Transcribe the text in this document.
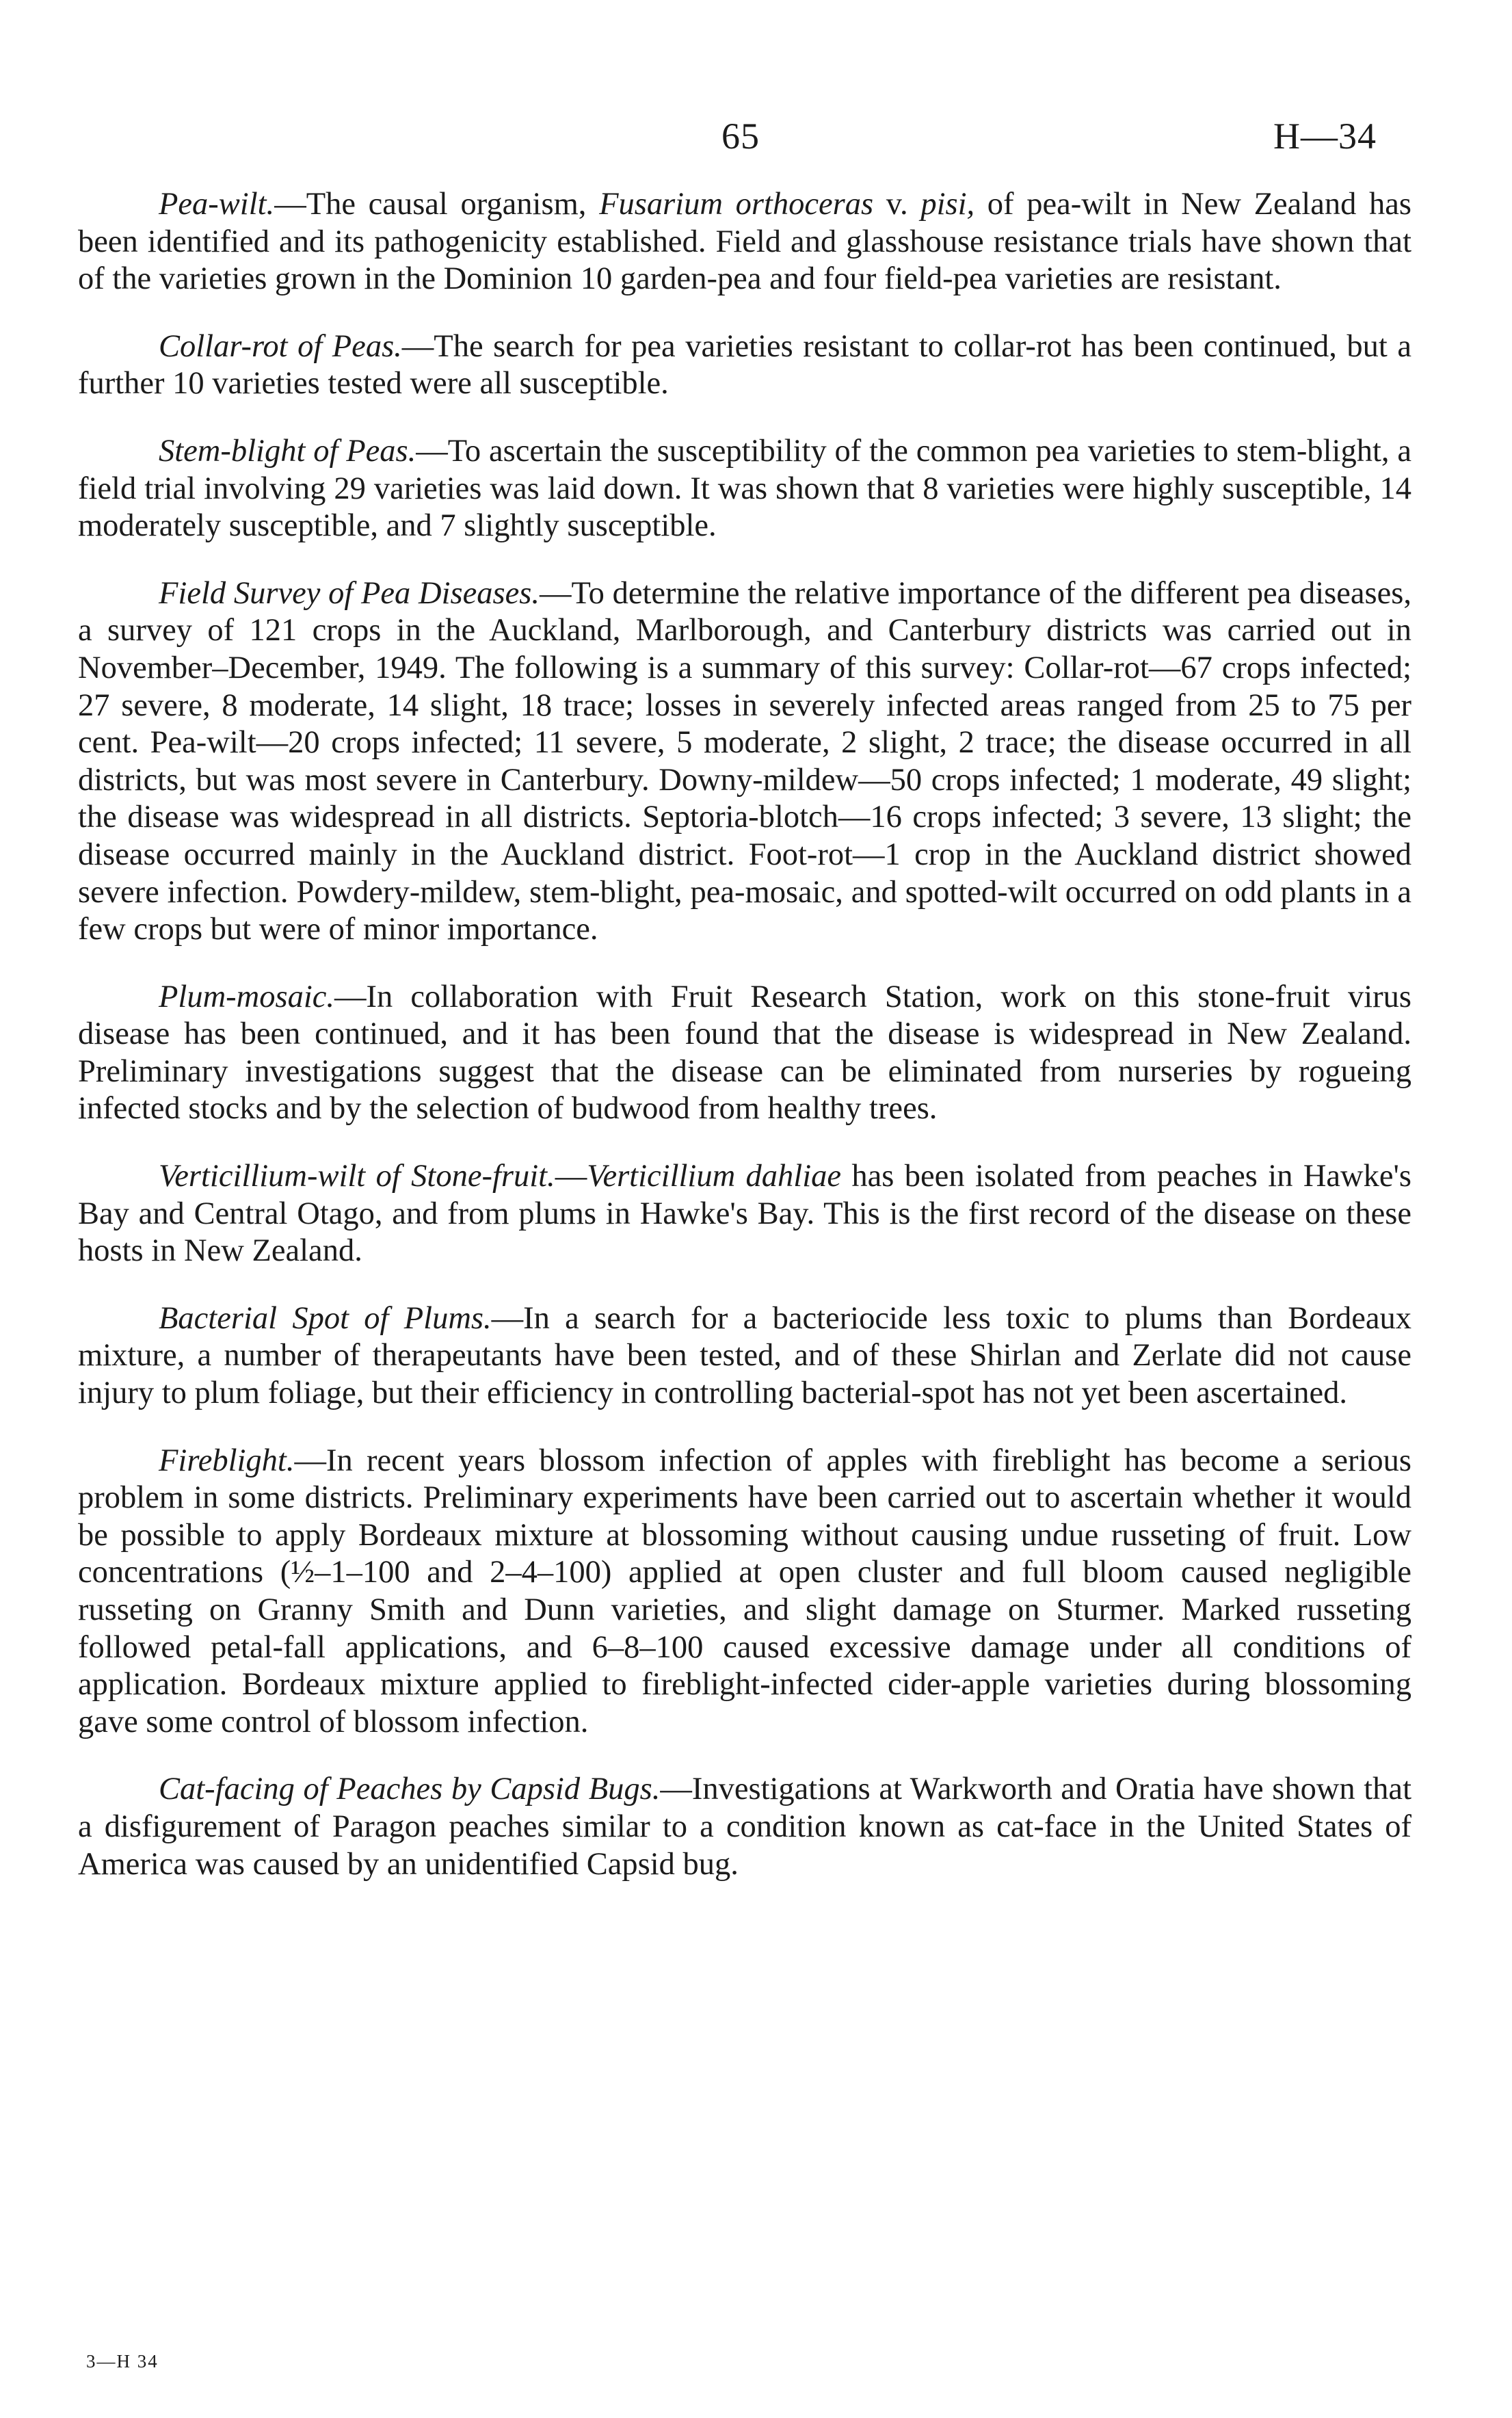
65	H—34

Pea-wilt.—The causal organism, Fusarium orthoceras v. pisi, of pea-wilt in New Zealand has been identified and its pathogenicity established. Field and glasshouse resistance trials have shown that of the varieties grown in the Dominion 10 garden-pea and four field-pea varieties are resistant.

Collar-rot of Peas.—The search for pea varieties resistant to collar-rot has been continued, but a further 10 varieties tested were all susceptible.

Stem-blight of Peas.—To ascertain the susceptibility of the common pea varieties to stem-blight, a field trial involving 29 varieties was laid down. It was shown that 8 varieties were highly susceptible, 14 moderately susceptible, and 7 slightly susceptible.

Field Survey of Pea Diseases.—To determine the relative importance of the different pea diseases, a survey of 121 crops in the Auckland, Marlborough, and Canterbury districts was carried out in November–December, 1949. The following is a summary of this survey: Collar-rot—67 crops infected; 27 severe, 8 moderate, 14 slight, 18 trace; losses in severely infected areas ranged from 25 to 75 per cent. Pea-wilt—20 crops infected; 11 severe, 5 moderate, 2 slight, 2 trace; the disease occurred in all districts, but was most severe in Canterbury. Downy-mildew—50 crops infected; 1 moderate, 49 slight; the disease was widespread in all districts. Septoria-blotch—16 crops infected; 3 severe, 13 slight; the disease occurred mainly in the Auckland district. Foot-rot—1 crop in the Auckland district showed severe infection. Powdery-mildew, stem-blight, pea-mosaic, and spotted-wilt occurred on odd plants in a few crops but were of minor importance.

Plum-mosaic.—In collaboration with Fruit Research Station, work on this stone-fruit virus disease has been continued, and it has been found that the disease is widespread in New Zealand. Preliminary investigations suggest that the disease can be eliminated from nurseries by rogueing infected stocks and by the selection of budwood from healthy trees.

Verticillium-wilt of Stone-fruit.—Verticillium dahliae has been isolated from peaches in Hawke's Bay and Central Otago, and from plums in Hawke's Bay. This is the first record of the disease on these hosts in New Zealand.

Bacterial Spot of Plums.—In a search for a bacteriocide less toxic to plums than Bordeaux mixture, a number of therapeutants have been tested, and of these Shirlan and Zerlate did not cause injury to plum foliage, but their efficiency in controlling bacterial-spot has not yet been ascertained.

Fireblight.—In recent years blossom infection of apples with fireblight has become a serious problem in some districts. Preliminary experiments have been carried out to ascertain whether it would be possible to apply Bordeaux mixture at blossoming without causing undue russeting of fruit. Low concentrations (½–1–100 and 2–4–100) applied at open cluster and full bloom caused negligible russeting on Granny Smith and Dunn varieties, and slight damage on Sturmer. Marked russeting followed petal-fall applications, and 6–8–100 caused excessive damage under all conditions of application. Bordeaux mixture applied to fireblight-infected cider-apple varieties during blossoming gave some control of blossom infection.

Cat-facing of Peaches by Capsid Bugs.—Investigations at Warkworth and Oratia have shown that a disfigurement of Paragon peaches similar to a condition known as cat-face in the United States of America was caused by an unidentified Capsid bug.

3—H 34
